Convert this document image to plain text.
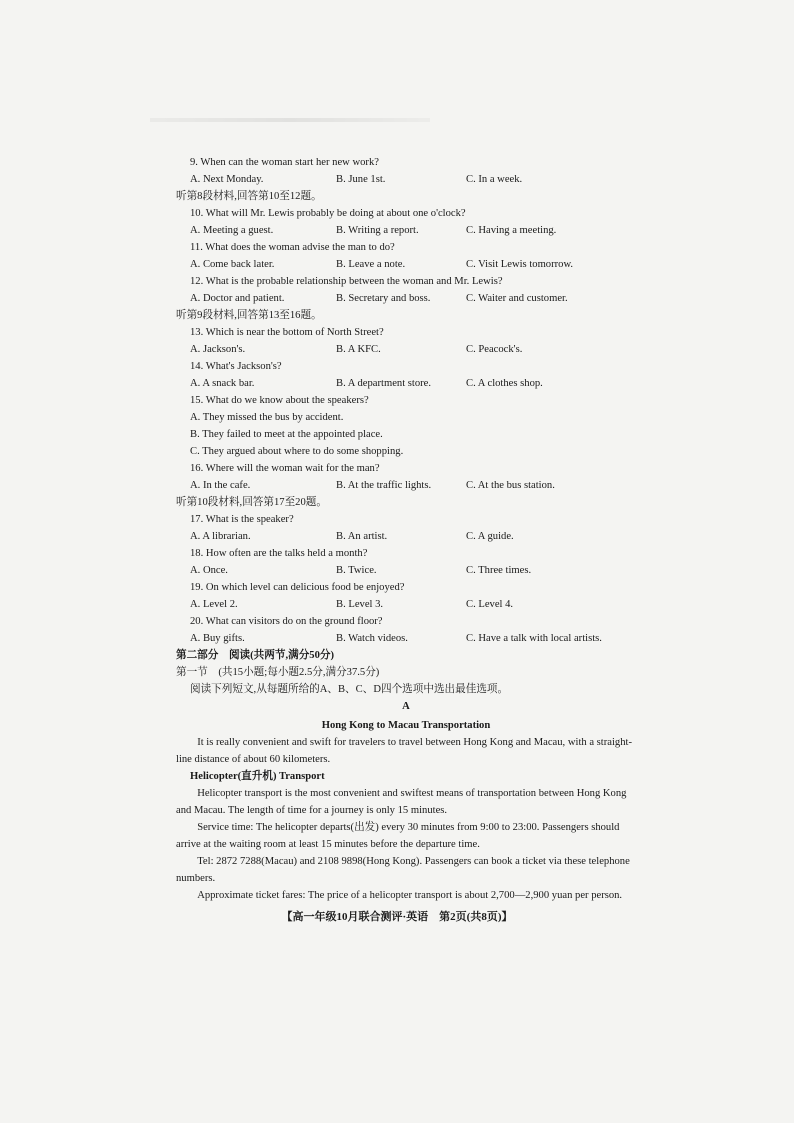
9. When can the woman start her new work?
A. Next Monday.	B. June 1st.	C. In a week.
听第8段材料,回答第10至12题。
10. What will Mr. Lewis probably be doing at about one o'clock?
A. Meeting a guest.	B. Writing a report.	C. Having a meeting.
11. What does the woman advise the man to do?
A. Come back later.	B. Leave a note.	C. Visit Lewis tomorrow.
12. What is the probable relationship between the woman and Mr. Lewis?
A. Doctor and patient.	B. Secretary and boss.	C. Waiter and customer.
听第9段材料,回答第13至16题。
13. Which is near the bottom of North Street?
A. Jackson's.	B. A KFC.	C. Peacock's.
14. What's Jackson's?
A. A snack bar.	B. A department store.	C. A clothes shop.
15. What do we know about the speakers?
A. They missed the bus by accident.
B. They failed to meet at the appointed place.
C. They argued about where to do some shopping.
16. Where will the woman wait for the man?
A. In the cafe.	B. At the traffic lights.	C. At the bus station.
听第10段材料,回答第17至20题。
17. What is the speaker?
A. A librarian.	B. An artist.	C. A guide.
18. How often are the talks held a month?
A. Once.	B. Twice.	C. Three times.
19. On which level can delicious food be enjoyed?
A. Level 2.	B. Level 3.	C. Level 4.
20. What can visitors do on the ground floor?
A. Buy gifts.	B. Watch videos.	C. Have a talk with local artists.
第二部分　阅读(共两节,满分50分)
第一节　(共15小题;每小题2.5分,满分37.5分)
阅读下列短文,从每题所给的A、B、C、D四个选项中选出最佳选项。
A
Hong Kong to Macau Transportation
It is really convenient and swift for travelers to travel between Hong Kong and Macau, with a straight-line distance of about 60 kilometers.
Helicopter(直升机) Transport
Helicopter transport is the most convenient and swiftest means of transportation between Hong Kong and Macau. The length of time for a journey is only 15 minutes.
Service time: The helicopter departs(出发) every 30 minutes from 9:00 to 23:00. Passengers should arrive at the waiting room at least 15 minutes before the departure time.
Tel: 2872 7288(Macau) and 2108 9898(Hong Kong). Passengers can book a ticket via these telephone numbers.
Approximate ticket fares: The price of a helicopter transport is about 2,700—2,900 yuan per person.
【高一年级10月联合测评·英语　第2页(共8页)】
